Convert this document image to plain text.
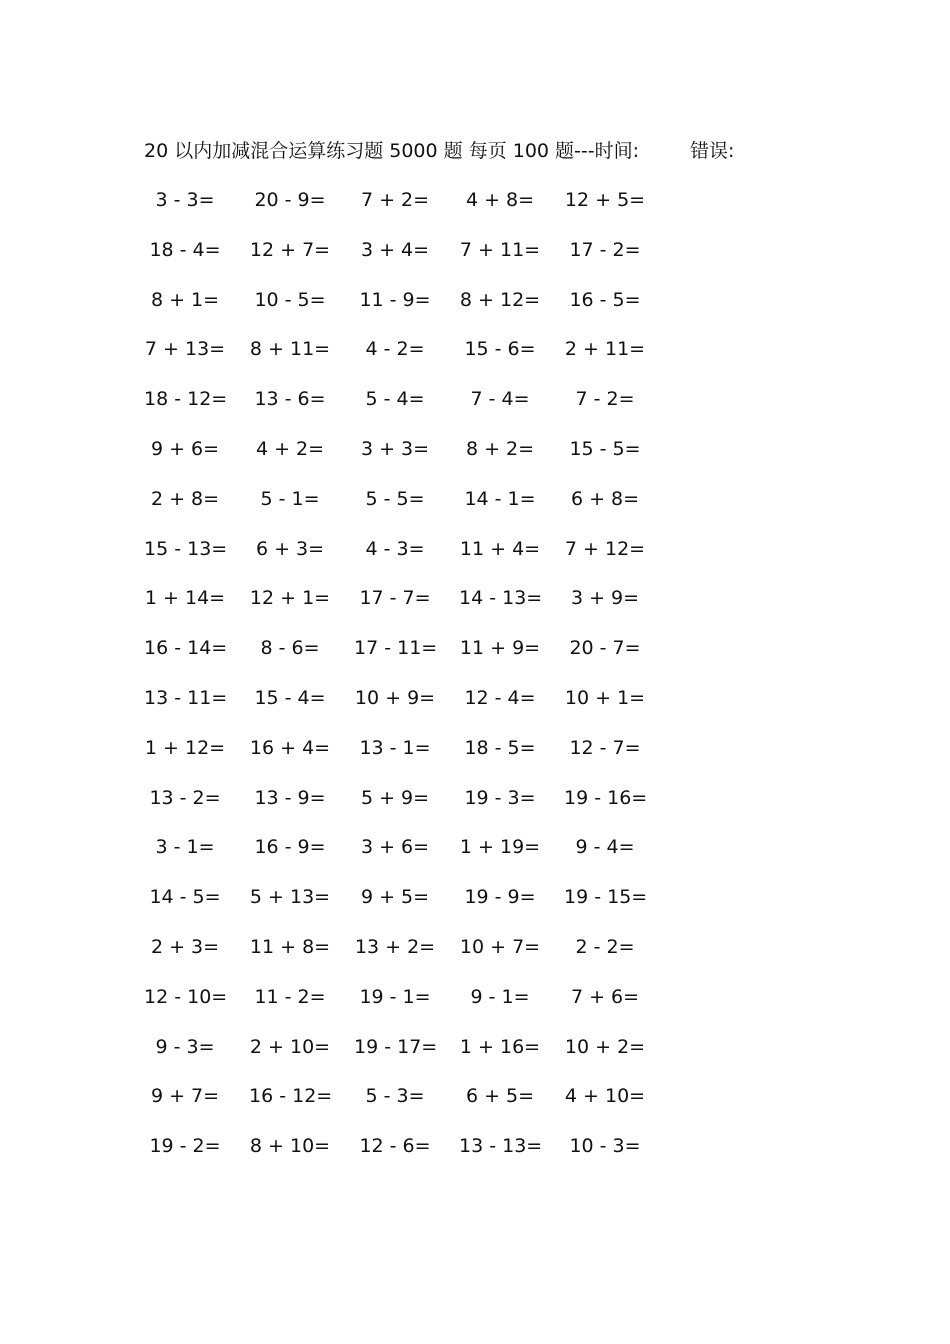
20 以内加减混合运算练习题 5000 题 每页 100 题---时间:	错误:
3 - 3= 20 - 9= 7 + 2= 4 + 8= 12 + 5=
18 - 4= 12 + 7= 3 + 4= 7 + 11= 17 - 2=
8 + 1= 10 - 5= 11 - 9= 8 + 12= 16 - 5=
7 + 13= 8 + 11= 4 - 2= 15 - 6= 2 + 11=
18 - 12= 13 - 6= 5 - 4= 7 - 4= 7 - 2=
9 + 6= 4 + 2= 3 + 3= 8 + 2= 15 - 5=
2 + 8= 5 - 1= 5 - 5= 14 - 1= 6 + 8=
15 - 13= 6 + 3= 4 - 3= 11 + 4= 7 + 12=
1 + 14= 12 + 1= 17 - 7= 14 - 13= 3 + 9=
16 - 14= 8 - 6= 17 - 11= 11 + 9= 20 - 7=
13 - 11= 15 - 4= 10 + 9= 12 - 4= 10 + 1=
1 + 12= 16 + 4= 13 - 1= 18 - 5= 12 - 7=
13 - 2= 13 - 9= 5 + 9= 19 - 3= 19 - 16=
3 - 1= 16 - 9= 3 + 6= 1 + 19= 9 - 4=
14 - 5= 5 + 13= 9 + 5= 19 - 9= 19 - 15=
2 + 3= 11 + 8= 13 + 2= 10 + 7= 2 - 2=
12 - 10= 11 - 2= 19 - 1= 9 - 1= 7 + 6=
9 - 3= 2 + 10= 19 - 17= 1 + 16= 10 + 2=
9 + 7= 16 - 12= 5 - 3= 6 + 5= 4 + 10=
19 - 2= 8 + 10= 12 - 6= 13 - 13= 10 - 3=
